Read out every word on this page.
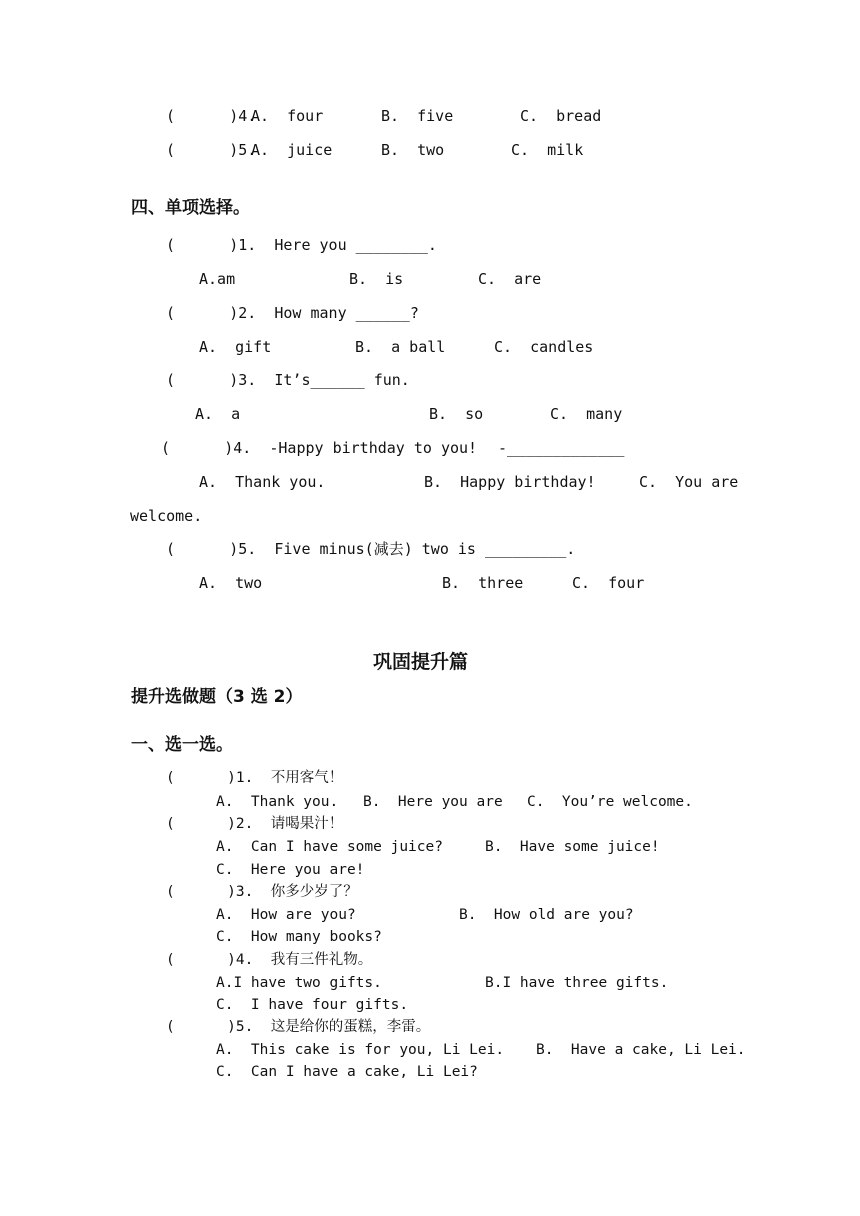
(      )4.
A.  four	B.  five	C.  bread
(      )5.
A.  juice	B.  two	C.  milk
四、单项选择。
(      )1.  Here you ________.
A.am	B.  is	C.  are
(      )2.  How many ______?
A.  gift	B.  a ball	C.  candles
(      )3.  It’s______ fun.
A.  a	B.  so	C.  many
(      )4.  -Happy birthday to you! -_____________
A.  Thank you.	B.  Happy birthday!	C.  You are
welcome.
(      )5.  Five minus(减去) two is _________.
A.  two	B.  three	C.  four
巩固提升篇
提升选做题（3 选 2）
一、选一选。
(      )1.  不用客气！
A.  Thank you. B.  Here you are C.  You’re welcome.
(      )2.  请喝果汁！
A.  Can I have some juice?	B.  Have some juice!
C.  Here you are!
(      )3.  你多少岁了？
A.  How are you?	B.  How old are you?
C.  How many books?
(      )4.  我有三件礼物。
A.I have two gifts.	B.I have three gifts.
C.  I have four gifts.
(      )5.  这是给你的蛋糕，李雷。
A.  This cake is for you, Li Lei. B.  Have a cake, Li Lei.
C.  Can I have a cake, Li Lei?
